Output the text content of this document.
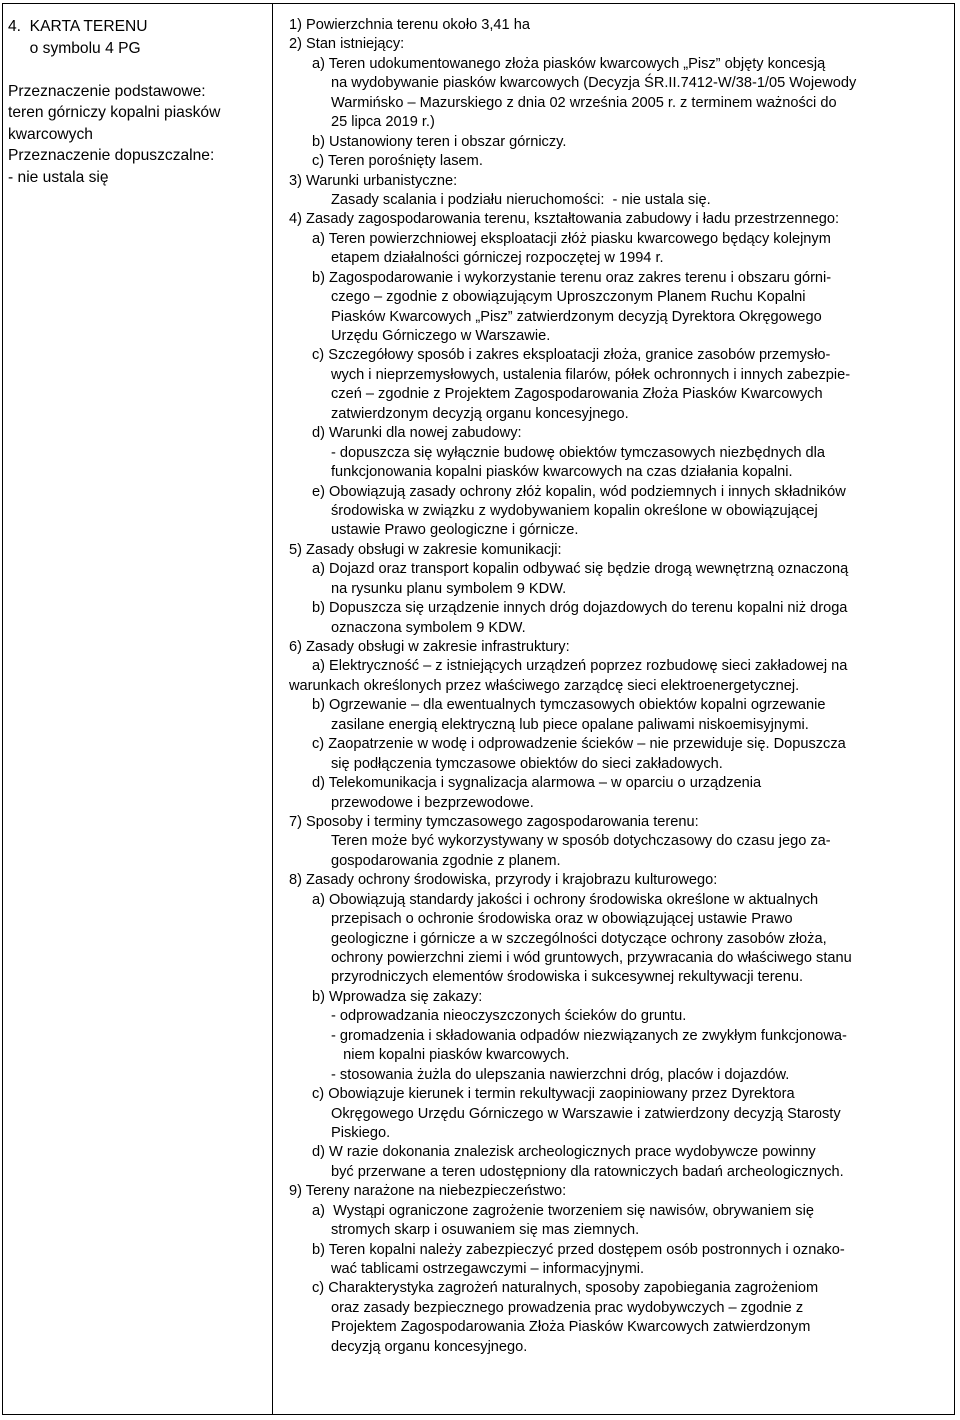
4.  KARTA TERENU
o symbolu 4 PG
Przeznaczenie podstawowe:
teren górniczy kopalni piasków
kwarcowych
Przeznaczenie dopuszczalne:
- nie ustala się
1) Powierzchnia terenu około 3,41 ha
2) Stan istniejący:
a) Teren udokumentowanego złoża piasków kwarcowych „Pisz” objęty koncesją
na wydobywanie piasków kwarcowych (Decyzja ŚR.II.7412-W/38-1/05 Wojewody
Warmińsko – Mazurskiego z dnia 02 września 2005 r. z terminem ważności do
25 lipca 2019 r.)
b) Ustanowiony teren i obszar górniczy.
c) Teren porośnięty lasem.
3) Warunki urbanistyczne:
Zasady scalania i podziału nieruchomości:  - nie ustala się.
4) Zasady zagospodarowania terenu, kształtowania zabudowy i ładu przestrzennego:
a) Teren powierzchniowej eksploatacji złóż piasku kwarcowego będący kolejnym
etapem działalności górniczej rozpoczętej w 1994 r.
b) Zagospodarowanie i wykorzystanie terenu oraz zakres terenu i obszaru górni-
czego – zgodnie z obowiązującym Uproszczonym Planem Ruchu Kopalni
Piasków Kwarcowych „Pisz” zatwierdzonym decyzją Dyrektora Okręgowego
Urzędu Górniczego w Warszawie.
c) Szczegółowy sposób i zakres eksploatacji złoża, granice zasobów przemysło-
wych i nieprzemysłowych, ustalenia filarów, półek ochronnych i innych zabezpie-
czeń – zgodnie z Projektem Zagospodarowania Złoża Piasków Kwarcowych
zatwierdzonym decyzją organu koncesyjnego.
d) Warunki dla nowej zabudowy:
- dopuszcza się wyłącznie budowę obiektów tymczasowych niezbędnych dla
funkcjonowania kopalni piasków kwarcowych na czas działania kopalni.
e) Obowiązują zasady ochrony złóż kopalin, wód podziemnych i innych składników
środowiska w związku z wydobywaniem kopalin określone w obowiązującej
ustawie Prawo geologiczne i górnicze.
5) Zasady obsługi w zakresie komunikacji:
a) Dojazd oraz transport kopalin odbywać się będzie drogą wewnętrzną oznaczoną
na rysunku planu symbolem 9 KDW.
b) Dopuszcza się urządzenie innych dróg dojazdowych do terenu kopalni niż droga
oznaczona symbolem 9 KDW.
6) Zasady obsługi w zakresie infrastruktury:
a) Elektryczność – z istniejących urządzeń poprzez rozbudowę sieci zakładowej na
warunkach określonych przez właściwego zarządcę sieci elektroenergetycznej.
b) Ogrzewanie – dla ewentualnych tymczasowych obiektów kopalni ogrzewanie
zasilane energią elektryczną lub piece opalane paliwami niskoemisyjnymi.
c) Zaopatrzenie w wodę i odprowadzenie ścieków – nie przewiduje się. Dopuszcza
się podłączenia tymczasowe obiektów do sieci zakładowych.
d) Telekomunikacja i sygnalizacja alarmowa – w oparciu o urządzenia
przewodowe i bezprzewodowe.
7) Sposoby i terminy tymczasowego zagospodarowania terenu:
Teren może być wykorzystywany w sposób dotychczasowy do czasu jego za-
gospodarowania zgodnie z planem.
8) Zasady ochrony środowiska, przyrody i krajobrazu kulturowego:
a) Obowiązują standardy jakości i ochrony środowiska określone w aktualnych
przepisach o ochronie środowiska oraz w obowiązującej ustawie Prawo
geologiczne i górnicze a w szczególności dotyczące ochrony zasobów złoża,
ochrony powierzchni ziemi i wód gruntowych, przywracania do właściwego stanu
przyrodniczych elementów środowiska i sukcesywnej rekultywacji terenu.
b) Wprowadza się zakazy:
- odprowadzania nieoczyszczonych ścieków do gruntu.
- gromadzenia i składowania odpadów niezwiązanych ze zwykłym funkcjonowa-
niem kopalni piasków kwarcowych.
- stosowania żużla do ulepszania nawierzchni dróg, placów i dojazdów.
c) Obowiązuje kierunek i termin rekultywacji zaopiniowany przez Dyrektora
Okręgowego Urzędu Górniczego w Warszawie i zatwierdzony decyzją Starosty
Piskiego.
d) W razie dokonania znalezisk archeologicznych prace wydobywcze powinny
być przerwane a teren udostępniony dla ratowniczych badań archeologicznych.
9) Tereny narażone na niebezpieczeństwo:
a)  Wystąpi ograniczone zagrożenie tworzeniem się nawisów, obrywaniem się
stromych skarp i osuwaniem się mas ziemnych.
b) Teren kopalni należy zabezpieczyć przed dostępem osób postronnych i oznako-
wać tablicami ostrzegawczymi – informacyjnymi.
c) Charakterystyka zagrożeń naturalnych, sposoby zapobiegania zagrożeniom
oraz zasady bezpiecznego prowadzenia prac wydobywczych – zgodnie z
Projektem Zagospodarowania Złoża Piasków Kwarcowych zatwierdzonym
decyzją organu koncesyjnego.
